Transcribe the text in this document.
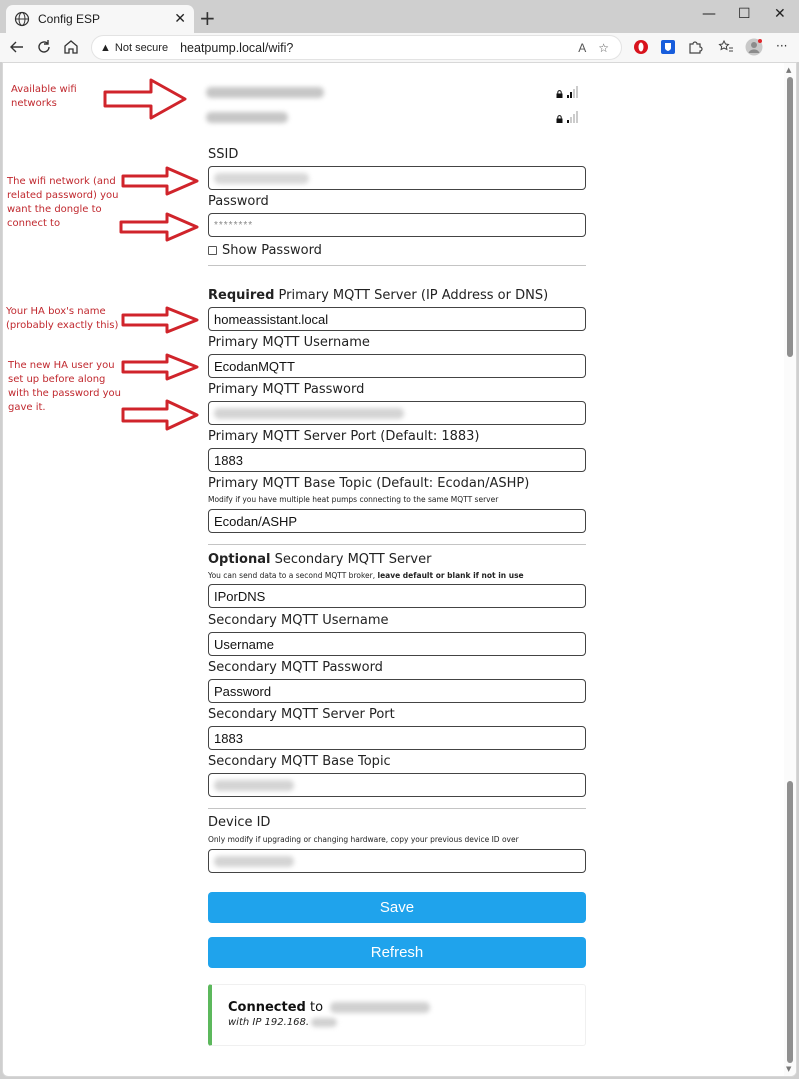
Config ESP	✕ +	— ☐ ✕
▲ Not secure heatpump.local/wifi?	A ☆	···
Available wifi networks
The wifi network (and related password) you want the dongle to connect to
Your HA box's name (probably exactly this)
The new HA user you set up before along with the password you gave it.
SSID
Password
********
Show Password
Required Primary MQTT Server (IP Address or DNS)
homeassistant.local
Primary MQTT Username
EcodanMQTT
Primary MQTT Password
Primary MQTT Server Port (Default: 1883)
1883
Primary MQTT Base Topic (Default: Ecodan/ASHP)
Modify if you have multiple heat pumps connecting to the same MQTT server
Ecodan/ASHP
Optional Secondary MQTT Server
You can send data to a second MQTT broker, leave default or blank if not in use
IPorDNS
Secondary MQTT Username
Username
Secondary MQTT Password
Password
Secondary MQTT Server Port
1883
Secondary MQTT Base Topic
Device ID
Only modify if upgrading or changing hardware, copy your previous device ID over
Save
Refresh
Connected to
with IP 192.168.
▲
▼
